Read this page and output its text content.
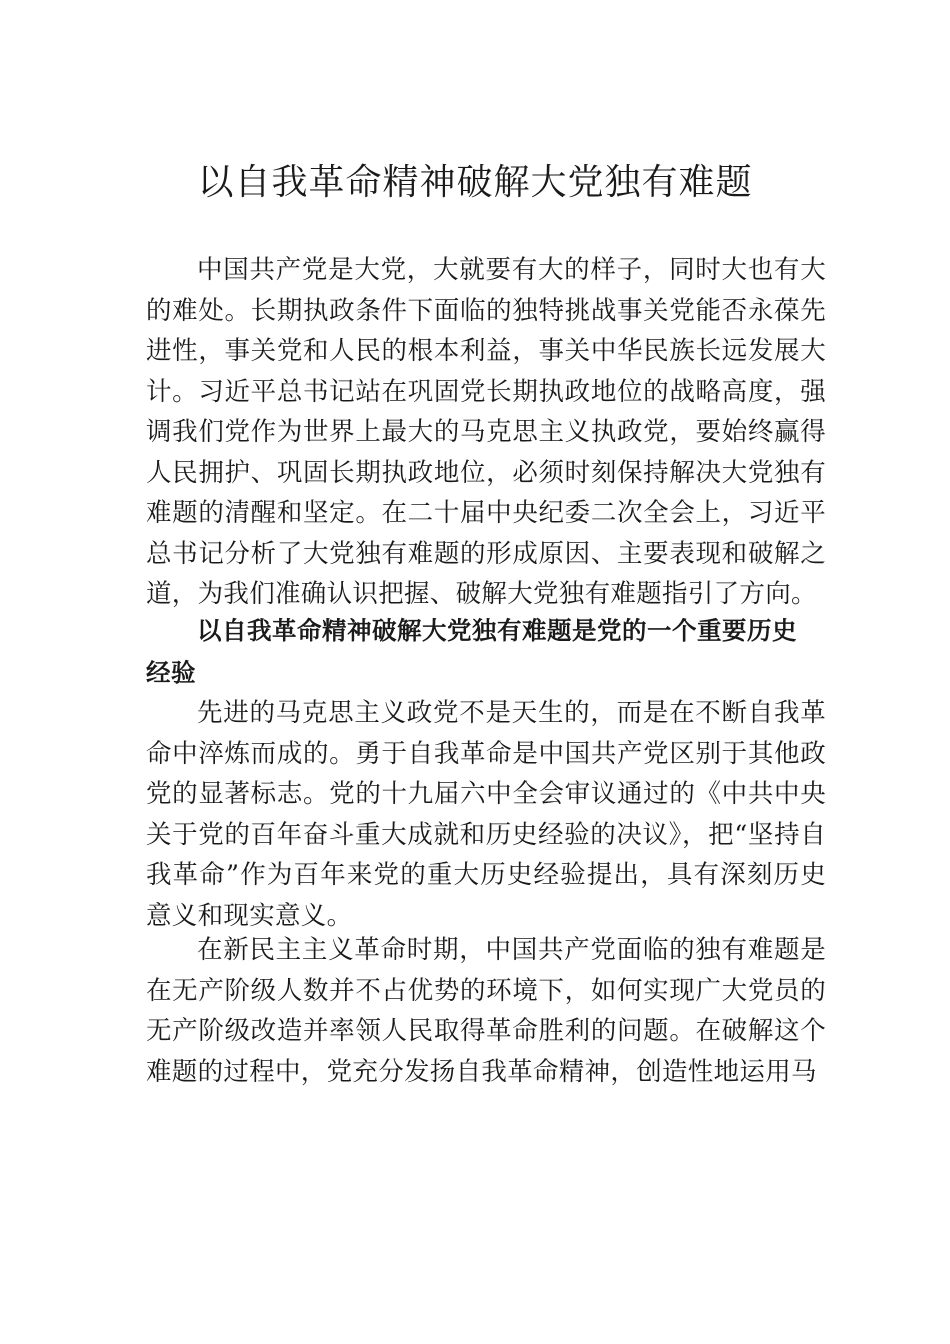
以自我革命精神破解大党独有难题

中国共产党是大党，大就要有大的样子，同时大也有大的难处。长期执政条件下面临的独特挑战事关党能否永葆先进性，事关党和人民的根本利益，事关中华民族长远发展大计。习近平总书记站在巩固党长期执政地位的战略高度，强调我们党作为世界上最大的马克思主义执政党，要始终赢得人民拥护、巩固长期执政地位，必须时刻保持解决大党独有难题的清醒和坚定。在二十届中央纪委二次全会上，习近平总书记分析了大党独有难题的形成原因、主要表现和破解之道，为我们准确认识把握、破解大党独有难题指引了方向。

以自我革命精神破解大党独有难题是党的一个重要历史经验

先进的马克思主义政党不是天生的，而是在不断自我革命中淬炼而成的。勇于自我革命是中国共产党区别于其他政党的显著标志。党的十九届六中全会审议通过的《中共中央 关于党的百年奋斗重大成就和历史经验的决议》，把“坚持自我革命”作为百年来党的重大历史经验提出，具有深刻历史意义和现实意义。

在新民主主义革命时期，中国共产党面临的独有难题是在无产阶级人数并不占优势的环境下，如何实现广大党员的无产阶级改造并率领人民取得革命胜利的问题。在破解这个难题的过程中，党充分发扬自我革命精神，创造性地运用马
